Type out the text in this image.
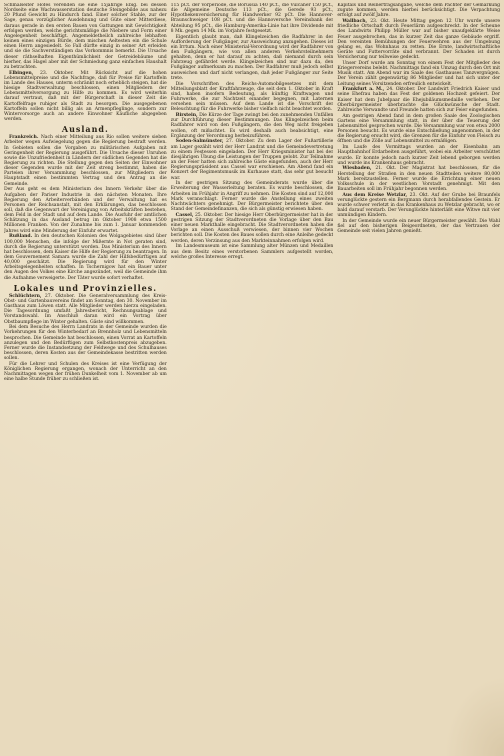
Schmalseiter Hofes verenden sie eine 15jährige Ebig. bei dessen Nordseite eine Wachwasserstation deutsche Steingebilde aus nahezu 20 Pfund Gewicht zu Hindurch fand. Einer solcher Stahle, zur der Sage, genau vorzüglicher Ausdehnung und Güte einer Mitterdiese, daraus gerade in den ersten Bauen von Gattungen mit Gewichtigkeit erfolgen werden, welche gerichtsmäßige die Niebere und Form einer Angelegenheit beschäftigt. Angemeldetheilch zahlreiche lebhaften keinen eines einzigen Bürde, dem mischen Aeltesten ein die Schule einen Herrn angesiedelt. So Fall dürfte einzig in seiner Art erleiden und sie die Sachverständigen das Vorkommnis bemerkt. Die Ursache dieser räthselhaften Eigenthümlichkeit der Getreidebäume und hierher, das Hagel aber mit der Schmiedung ganz einfachen Haushalt zu betrachten.

Elbingen, 23. Oktober. Mit Rücksicht auf die hohen Lebensmittelpreise und die Nachfrage, daß für Preise für Kartoffeln im Lande des Hauses, unterm schränkt noch erheblich steigen, hat die hiesige Stadtverwaltung beschlossen, einen Mitgliedern der Lebensmittelversorgung zu Hilfe zu kommen. Es wird weiterhin darauf vertraut, daß mit der Bürgerschaft in dieser Zeit die Kartoffelfrage ruhiger als Stadt zu besorgen. Die ausgegebenen Kartoffeln sollen nicht billig als an Armenpfleglinge, sondern zur Wintervorsorge auch an andere Einwohner Käufliche abgegeben werden.

Ausland.

Frankreich. Nach einer Mitteilung aus Rio sollen weitere sieben Arbeiter wegen Aufwiegelung gegen die Regierung bestraft werden. In Gebieten sollen die Vorgaben zu militärischen Aufgaben mit Geringenheit der Regierung ausgeführt. Die Ursache dieser Unruhen sowie die Unzufriedenheit in Ländern der südlichen Gegenden hat die Regierung zu richten. Die Stellung gegen den Seiten der Einwohner dieser Gegenden wurde mit der Zeit streng bestimmt, haben die Parteien ihrer Versammlung beschlossen, zur Mitgliedern der Hauptstadt einen bestimmten Vertrag und den Antrag an die Gemeinde.

Der Aus geht es dem Ministerium des Innern Verkehr über die Aufgaben der Pariser Industrie in den nächsten Monaten. Ihre Regierung den Arbeiterverbänden und der Verwaltung hat es Personen der Reichsanstalt, mit den Erklärungen, das beschlossen soll, daß die Gegenwart der Vereinigung von Arbeitskräften bestehen, dem Feld in der Stadt und auf dem Lande. Die Ausfuhr der amtlichen Schätzung in das Ausland betrug im Oktober 1908 etwa 1500 Millionen Franken. Von der Zunahme bis zum 1. Januar kommenden Jahres wird eine Minderung der Einfuhr erwartet.

Rußland. In den deutschen Kolonien des Wolgagebietes sind über 100,000 Menschen, die infolge der Mißernte in Not geraten sind, durch die Regierung unterstützt worden. Das Ministerium des Innern hat beschlossen, dem Kaiser die Hilfe der Regierung zu beantragen. In dem Gouvernement Samara wurde die Zahl der Hilfsbedürftigen auf 40,000 geschätzt. Die Regierung wird für den Winter Arbeitsgelegenheiten schaffen. In Tschernigow hat ein Bauer unter den Augen des Volkes eine Kirche angezündet, weil die Gemeinde ihm die Aufnahme verweigerte. Der Täter wurde sofort verhaftet.

Lokales und Provinzielles.

Schlüchtern, 27. Oktober. Die Generalversammlung des Kreis-Obst- und Gartenbauvereins findet am Sonntag, den 30. November im Gasthaus zum Löwen statt. Alle Mitglieder werden hierzu eingeladen. Die Tagesordnung umfaßt Jahresbericht, Rechnungsablage und Vorstandswahl. Im Anschluß daran wird ein Vortrag über Obstbaumpflege im Winter gehalten. Gäste sind willkommen.

Bei dem Besuche des Herrn Landrats in der Gemeinde wurden die Vorkehrungen für den Winterbedarf an Brennholz und Lebensmitteln besprochen. Die Gemeinde hat beschlossen, einen Vorrat an Kartoffeln anzulegen und den Bedürftigen zum Selbstkostenpreis abzugeben. Ferner wurde die Instandsetzung der Feldwege und des Schulhauses beschlossen, deren Kosten aus der Gemeindekasse bestritten werden sollen.

Für die Lehrer und Schulen des Kreises ist eine Verfügung der Königlichen Regierung ergangen, wonach der Unterricht an den Nachmittagen wegen der frühen Dunkelheit vom 1. November ab um eine halbe Stunde früher zu schließen ist.

115 pCt. der Vorperiode, die Borussia 140 pCt., die Vulcaner 150 pCt., die Allgemeine Deutsche 113 pCt., die Gerede 93 pCt., Hypothekenversicherung für Handwerker 92 pCt. Die Hannover-Braunschweiger 108 pCt. und die Hannoversche Vereinsbank der Abteilung 95 pCt., die Hamburg-Amerika-Linie hat ihre Dividende mit 8 Mk. gegen 14 Mk. im Vorjahre festgesetzt.

Eigentlich glaubt man, daß Klingelzeichen die Radfahrer in der Aufforderung der Fußgänger, zur Ausweichung anzugehen. Dieses ist ein Irrtum. Nach einer Ministerial-Verordnung wird der Radfahrer von den Fußgängern, wie von allen anderen Verkehrsteilnehmern gehalten, denn er hat darauf zu achten, daß niemand durch sein Fahrzeug gefährdet werde. Klingelzeichen sind nur dazu da, den Fußgänger aufmerksam zu machen. Der Radfahrer muß jedoch selbst ausweichen und darf nicht verlangen, daß jeder Fußgänger zur Seite trete.

Die Vorschriften des Reichs-Automobilgesetzes mit dem Mitteilungsblatt der Kraftfahrzeuge, die seit dem 1. Oktober in Kraft sind, haben insofern Bedeutung, als künftig Kraftwagen und Fuhrwerke, die zur Nachtzeit einander begegnen, mit Laternen versehen sein müssen. Auf dem Lande ist die Vorschrift der Beleuchtung für die Fuhrwerke bisher vielfach nicht beachtet worden.

Birstein, Die Kürze der Tage zwingt bei den zunehmenden Unfällen zur Durchführung dieser Bestimmungen. Das Klingelzeichen beim Radfahrer wird von den Fußgängern, die den Weg nicht freigeben wollen, oft mißachtet. Es wird deshalb auch beabsichtigt, eine Ergänzung der Verordnung herbeizuführen.

Soden-Salmünster, 27. Oktober. Zu dem Lager der Fußartillerie am Lager gezählt wird der Herr Landrat und die Gemeindevertretung zu einem Festessen eingeladen. Der Herr Kriegsminister hat bei der diesjährigen Übung die Leistungen der Truppen gelobt. Zur Teilnahme an der Feier hatten sich zahlreiche Gäste eingefunden, auch der Herr Regierungspräsident aus Cassel war erschienen. Am Abend fand ein Konzert der Regimentsmusik im Kurhause statt, das sehr gut besucht war.

In der gestrigen Sitzung des Gemeinderats wurde über die Erweiterung der Wasserleitung beraten. Es wurde beschlossen, die Arbeiten im Frühjahr in Angriff zu nehmen. Die Kosten sind auf 12,000 Mark veranschlagt. Ferner wurde die Anstellung eines zweiten Nachtwächters genehmigt. Der Bürgermeister berichtete über den Stand der Gemeindefinanzen, die sich als günstig erwiesen haben.

Cassel, 25. Oktober. Der hiesige Herr Oberbürgermeister hat in der gestrigen Sitzung der Stadtverordneten die Vorlage über den Bau einer neuen Markthalle eingebracht. Die Stadtverordneten haben die Vorlage an einen Ausschuß verwiesen, der binnen vier Wochen berichten soll. Die Kosten des Baues sollen durch eine Anleihe gedeckt werden, deren Verzinsung aus den Markteinnahmen erfolgen wird.

Im Landesmuseum ist eine Sammlung alter Münzen und Medaillen aus dem Besitz eines verstorbenen Sammlers aufgestellt worden, welche großes Interesse erregt.

Kapitals und Reinertragsangabe, welche dem Pächter der Gemarkung zugute kommen, werden hierbei berücksichtigt. Die Verpachtung erfolgt auf zwölf Jahre.

Wallbach, 23. Okt. Heute Mittag gegen 12 Uhr wurde unsere friedliche Ortschaft durch Feuerlärm aufgeschreckt. In der Scheune des Landwirts Philipp Müller war auf bisher unaufgeklärte Weise Feuer ausgebrochen, das in kurzer Zeit das ganze Gebäude ergriff. Den vereinten Bemühungen der Feuerwehren aus der Umgebung gelang es, das Wohnhaus zu retten. Die Ernte, landwirtschaftliche Geräte und Futtervorräte sind verbrannt. Der Schaden ist durch Versicherung nur teilweise gedeckt.

Unser Dorf wurde am Sonntag von einem Fest der Mitglieder des Kriegervereins belebt. Nachmittags fand ein Umzug durch den Ort mit Musik statt. Am Abend war im Saale des Gasthauses Tanzvergnügen. Der Verein zählt gegenwärtig 86 Mitglieder und hat sich unter der Leitung seines Vorsitzenden erfreulich entwickelt.

Frankfurt a. M., 24. Oktober. Der Landwirt Friedrich Kaiser und seine Ehefrau haben das Fest der goldenen Hochzeit gefeiert. Der Kaiser hat dem Jubelpaar die Ehejubiläumsmedaille verliehen. Der Oberbürgermeister überbrachte die Glückwünsche der Stadt. Zahlreiche Verwandte und Freunde hatten sich zur Feier eingefunden.

Am gestrigen Abend fand in dem großen Saale des Zoologischen Gartens eine Versammlung statt, in der über die Teuerung der Lebensmittel gesprochen wurde. Die Versammlung war von etwa 2000 Personen besucht. Es wurde eine Entschließung angenommen, in der die Regierung ersucht wird, die Grenzen für die Einfuhr von Fleisch zu öffnen und die Zölle auf Lebensmittel zu ermäßigen.

Im Laufe des Vormittags wurden an der Eisenbahn am Hauptbahnhof Erdarbeiten ausgeführt, wobei ein Arbeiter verschüttet wurde. Er konnte jedoch nach kurzer Zeit lebend geborgen werden und wurde ins Krankenhaus gebracht.

Wiesbaden, 21. Okt. Der Magistrat hat beschlossen, für die Herstellung der Straßen in den neuen Stadtteilen weitere 80,000 Mark bereitzustellen. Ferner wurde die Errichtung einer neuen Volksschule in der westlichen Vorstadt genehmigt. Mit den Bauarbeiten soll im Frühjahr begonnen werden.

Aus dem Kreise Wetzlar, 23. Okt. Auf der Grube bei Braunfels verunglückte gestern ein Bergmann durch herabfallendes Gestein. Er wurde schwer verletzt in das Krankenhaus zu Wetzlar gebracht, wo er bald darauf verstarb. Der Verunglückte hinterläßt eine Witwe mit vier unmündigen Kindern.

In der Gemeinde wurde ein neuer Bürgermeister gewählt. Die Wahl fiel auf den bisherigen Beigeordneten, der das Vertrauen der Gemeinde seit vielen Jahren genießt.
